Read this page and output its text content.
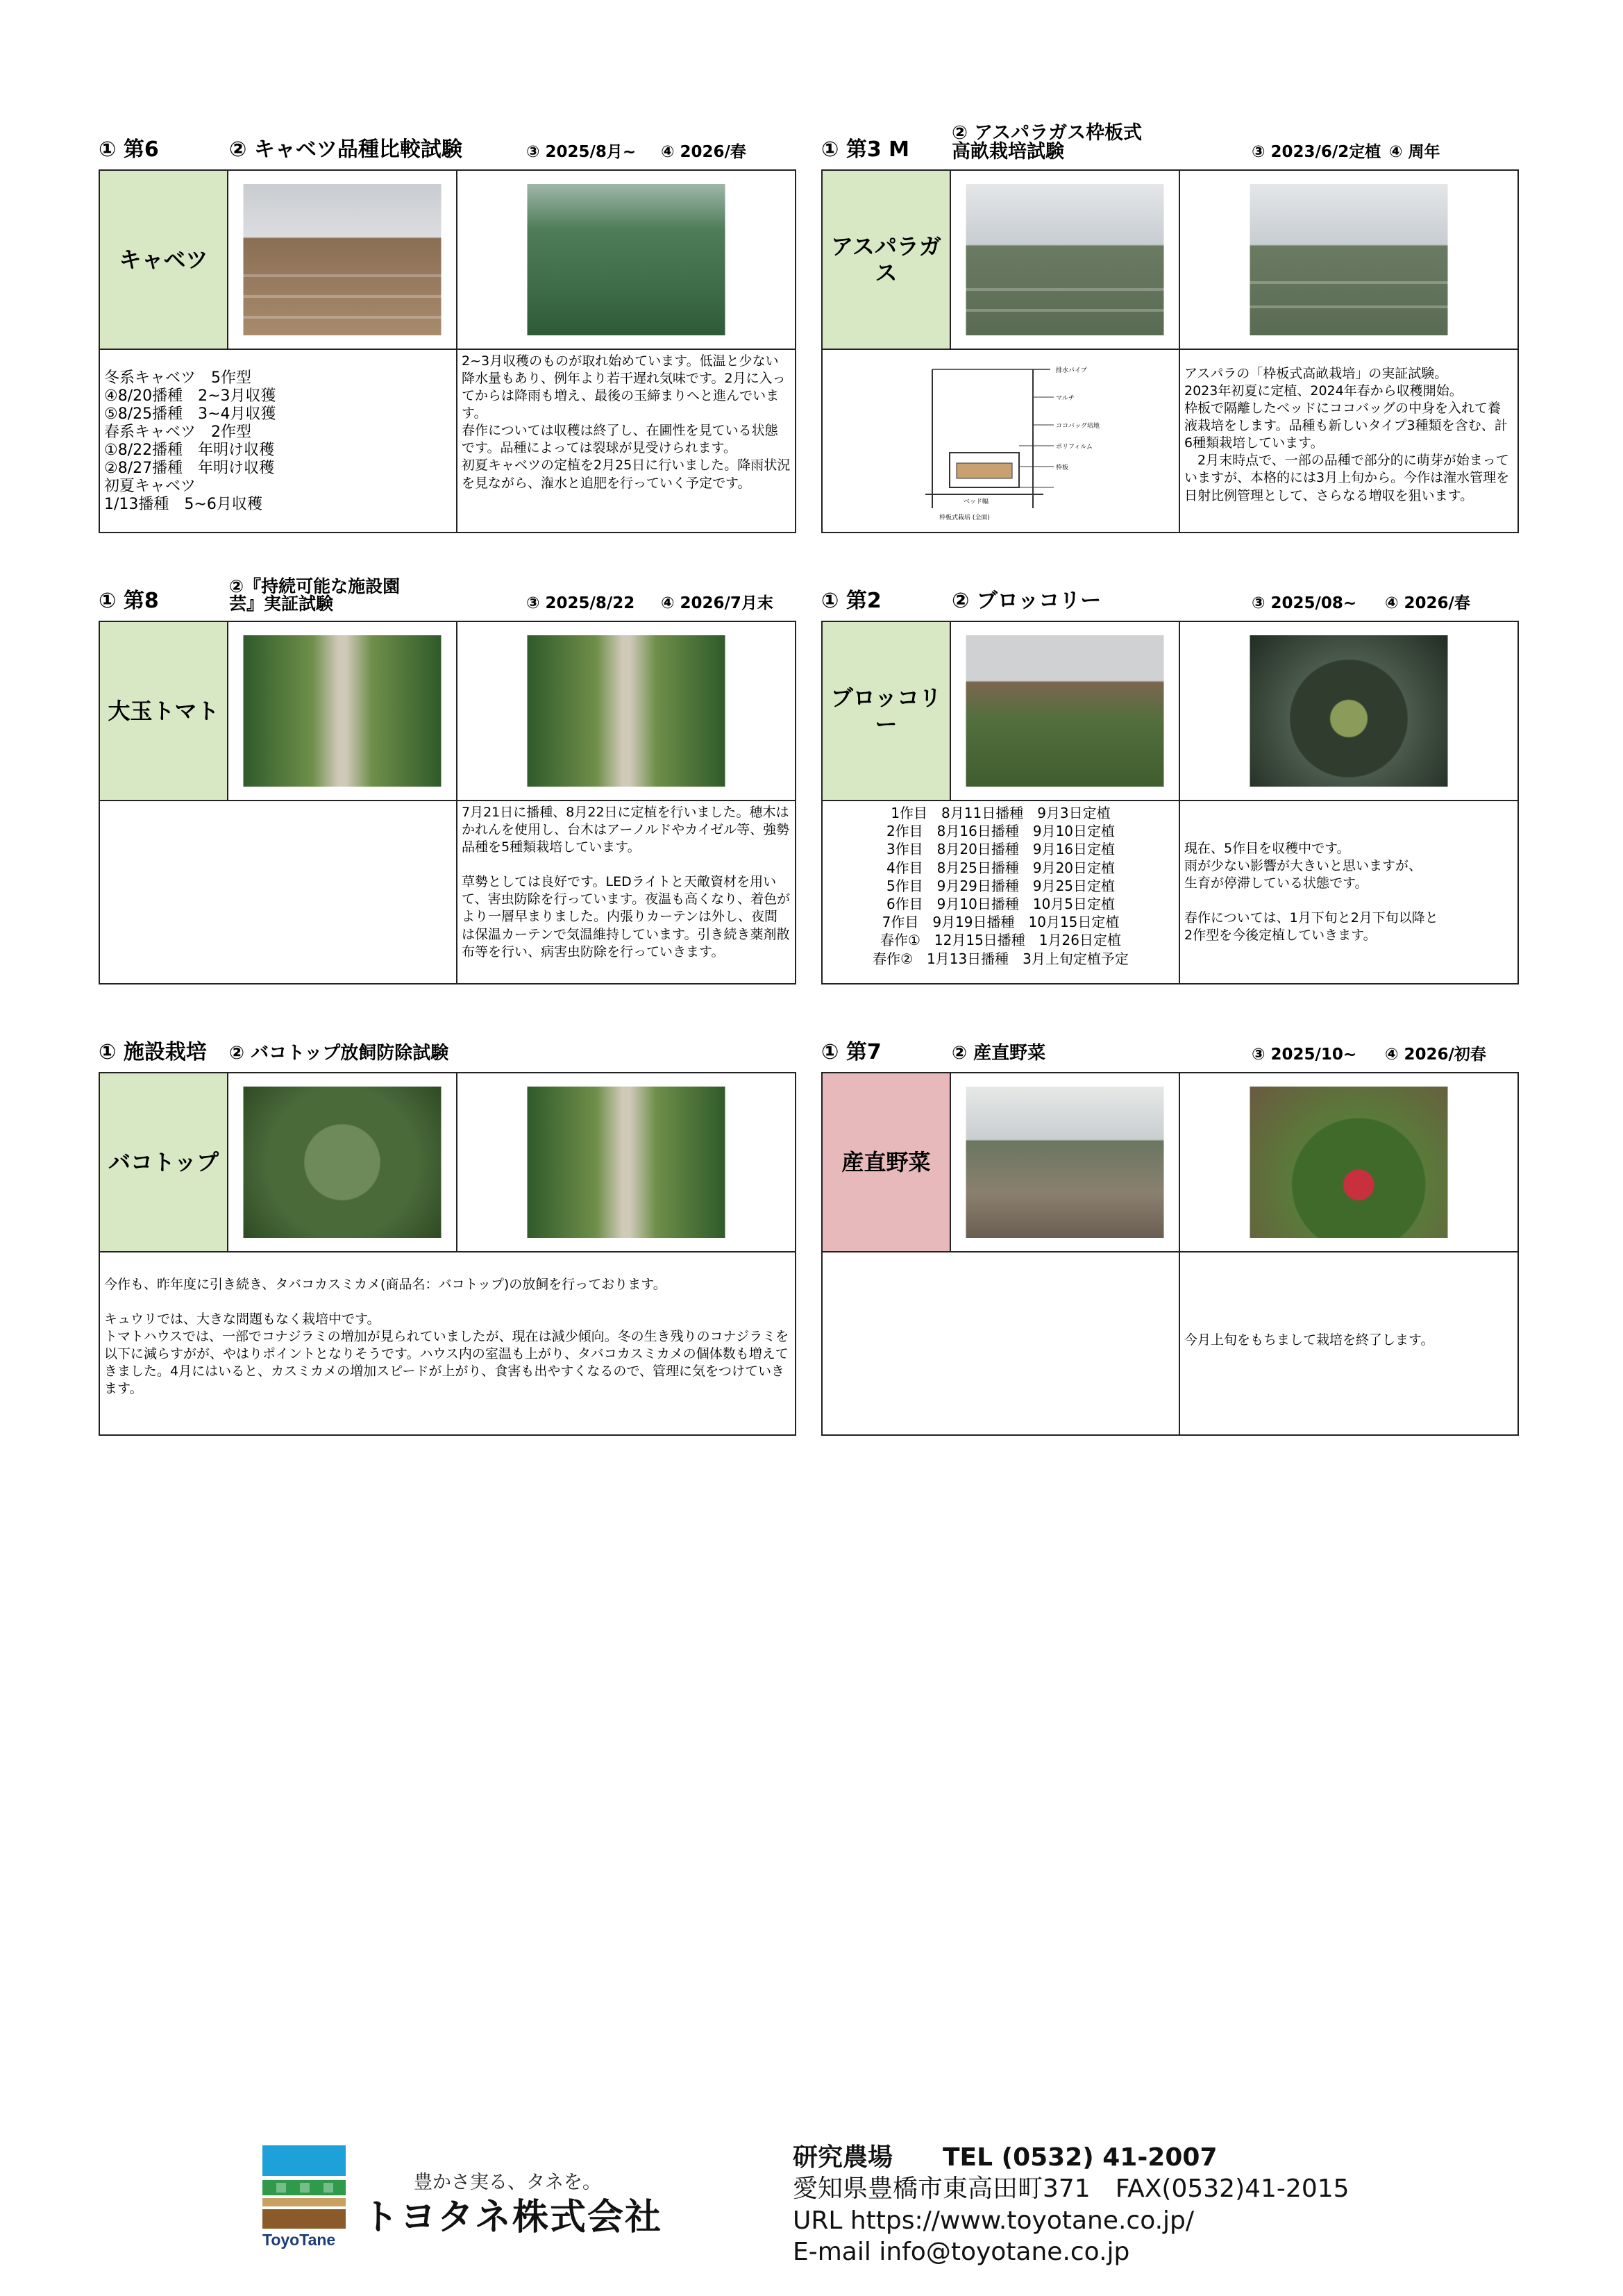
① 第6	② キャベツ品種比較試験	③ 2025/8月~ ④ 2026/春
キャベツ
冬系キャベツ　5作型
④8/20播種　2~3月収獲
⑤8/25播種　3~4月収獲
春系キャベツ　2作型
①8/22播種　年明け収穫
②8/27播種　年明け収穫
初夏キャベツ
1/13播種　5~6月収穫
2~3月収穫のものが取れ始めています。低温と少ない降水量もあり、例年より若干遅れ気味です。2月に入ってからは降雨も増え、最後の玉締まりへと進んでいます。
春作については収穫は終了し、在圃性を見ている状態です。品種によっては裂球が見受けられます。
初夏キャベツの定植を2月25日に行いました。降雨状況を見ながら、潅水と追肥を行っていく予定です。
① 第3 M
② アスパラガス枠板式
高畝栽培試験	③ 2023/6/2定植 ④ 周年
アスパラガス
排水パイプ
マルチ
ココバッグ培地
ポリフィルム
枠板
ベッド幅
枠板式栽培 (全面)
アスパラの「枠板式高畝栽培」の実証試験。
2023年初夏に定植、2024年春から収穫開始。
枠板で隔離したベッドにココバッグの中身を入れて養液栽培をします。品種も新しいタイプ3種類を含む、計6種類栽培しています。
　2月末時点で、一部の品種で部分的に萌芽が始まっていますが、本格的には3月上旬から。今作は潅水管理を日射比例管理として、さらなる増収を狙います。
① 第8
②『持続可能な施設園
芸』実証試験	③ 2025/8/22 ④ 2026/7月末
大玉トマト
7月21日に播種、8月22日に定植を行いました。穂木はかれんを使用し、台木はアーノルドやカイゼル等、強勢品種を5種類栽培しています。

草勢としては良好です。LEDライトと天敵資材を用いて、害虫防除を行っています。夜温も高くなり、着色がより一層早まりました。内張りカーテンは外し、夜間は保温カーテンで気温維持しています。引き続き薬剤散布等を行い、病害虫防除を行っていきます。
① 第2	② ブロッコリー	③ 2025/08~ ④ 2026/春
ブロッコリー
1作目　8月11日播種　9月3日定植
2作目　8月16日播種　9月10日定植
3作目　8月20日播種　9月16日定植
4作目　8月25日播種　9月20日定植
5作目　9月29日播種　9月25日定植
6作目　9月10日播種　10月5日定植
7作目　9月19日播種　10月15日定植
春作①　12月15日播種　1月26日定植
春作②　1月13日播種　3月上旬定植予定
現在、5作目を収穫中です。
雨が少ない影響が大きいと思いますが、
生育が停滞している状態です。

春作については、1月下旬と2月下旬以降と
2作型を今後定植していきます。
① 施設栽培 ② バコトップ放飼防除試験
バコトップ
今作も、昨年度に引き続き、タバコカスミカメ(商品名：バコトップ)の放飼を行っております。

キュウリでは、大きな問題もなく栽培中です。
トマトハウスでは、一部でコナジラミの増加が見られていましたが、現在は減少傾向。冬の生き残りのコナジラミを以下に減らすがが、やはりポイントとなりそうです。ハウス内の室温も上がり、タバコカスミカメの個体数も増えてきました。4月にはいると、カスミカメの増加スピードが上がり、食害も出やすくなるので、管理に気をつけていきます。
① 第7	② 産直野菜	③ 2025/10~ ④ 2026/初春
産直野菜
今月上旬をもちまして栽培を終了します。
ToyoTane
豊かさ実る、タネを。
トヨタネ株式会社
研究農場　　TEL (0532) 41-2007
愛知県豊橋市東高田町371　FAX(0532)41-2015
URL https://www.toyotane.co.jp/
E-mail info@toyotane.co.jp
